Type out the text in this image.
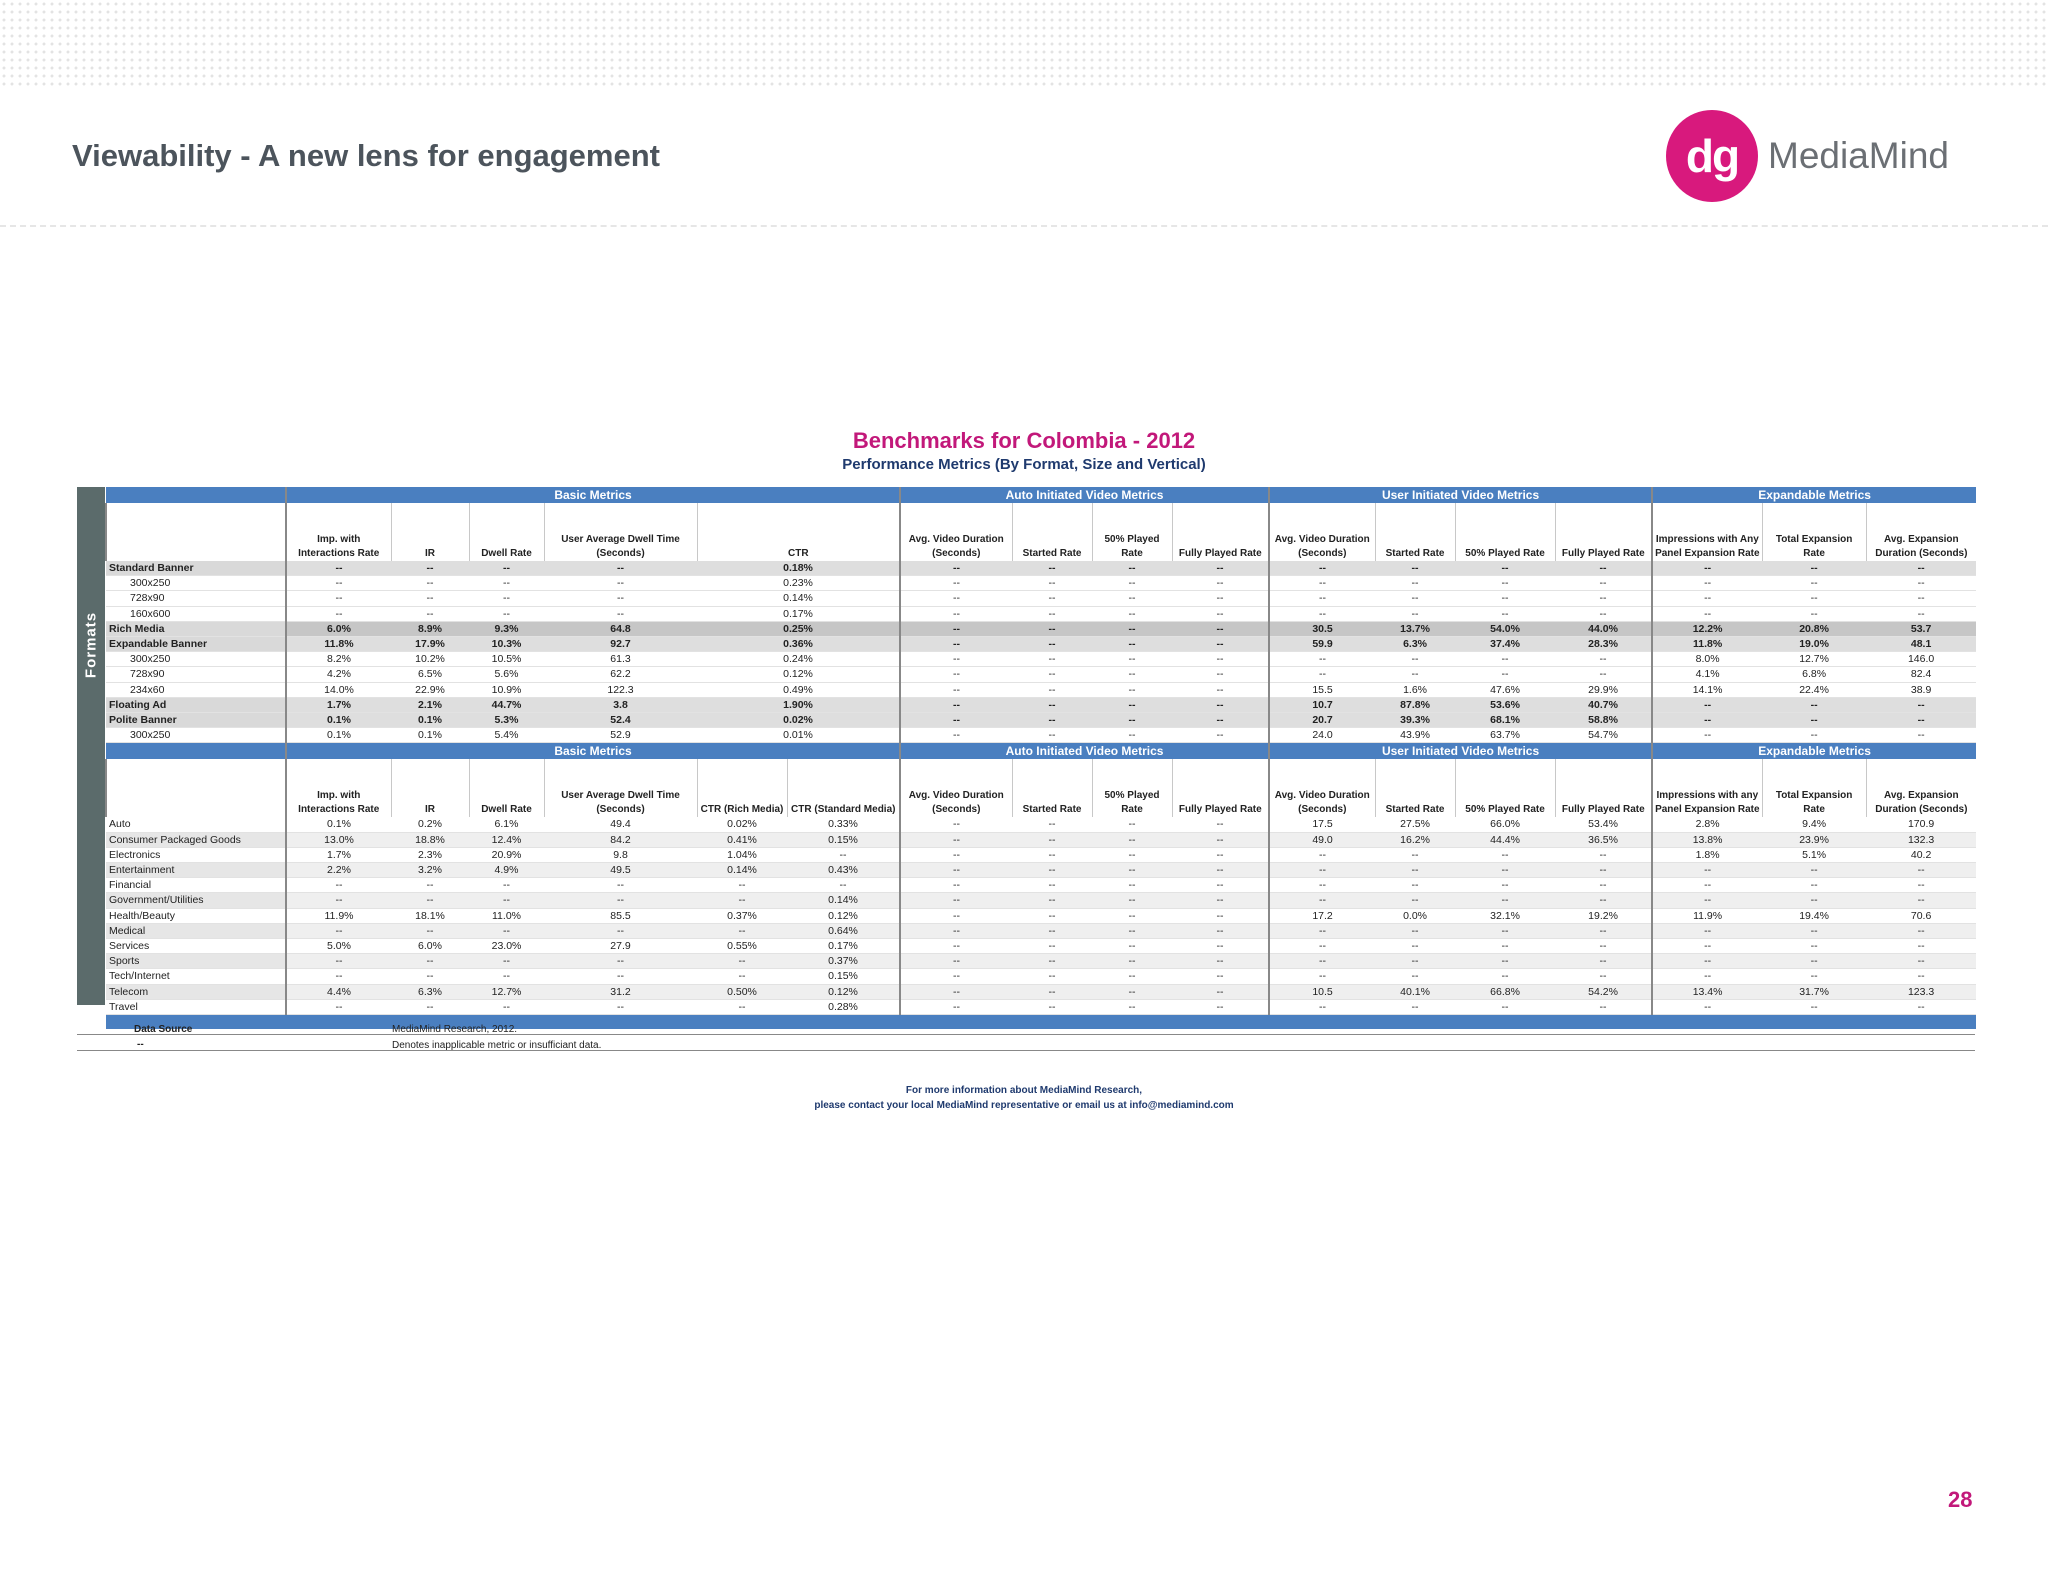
Viewability - A new lens for engagement	dg MediaMind
Benchmarks for Colombia - 2012
Performance Metrics (By Format, Size and Vertical)
Formats
	Basic Metrics						Auto Initiated Video Metrics				User Initiated Video Metrics				Expandable Metrics		
	Imp. with Interactions Rate	IR	Dwell Rate	User Average Dwell Time (Seconds)	CTR		Avg. Video Duration (Seconds)	Started Rate	50% Played Rate	Fully Played Rate	Avg. Video Duration (Seconds)	Started Rate	50% Played Rate	Fully Played Rate	Impressions with Any Panel Expansion Rate	Total Expansion Rate	Avg. Expansion Duration (Seconds)
Standard Banner	--	--	--	--	0.18%		--	--	--	--	--	--	--	--	--	--	--
300x250	--	--	--	--	0.23%		--	--	--	--	--	--	--	--	--	--	--
728x90	--	--	--	--	0.14%		--	--	--	--	--	--	--	--	--	--	--
160x600	--	--	--	--	0.17%		--	--	--	--	--	--	--	--	--	--	--
Rich Media	6.0%	8.9%	9.3%	64.8	0.25%		--	--	--	--	30.5	13.7%	54.0%	44.0%	12.2%	20.8%	53.7
Expandable Banner	11.8%	17.9%	10.3%	92.7	0.36%		--	--	--	--	59.9	6.3%	37.4%	28.3%	11.8%	19.0%	48.1
300x250	8.2%	10.2%	10.5%	61.3	0.24%		--	--	--	--	--	--	--	--	8.0%	12.7%	146.0
728x90	4.2%	6.5%	5.6%	62.2	0.12%		--	--	--	--	--	--	--	--	4.1%	6.8%	82.4
234x60	14.0%	22.9%	10.9%	122.3	0.49%		--	--	--	--	15.5	1.6%	47.6%	29.9%	14.1%	22.4%	38.9
Floating Ad	1.7%	2.1%	44.7%	3.8	1.90%		--	--	--	--	10.7	87.8%	53.6%	40.7%	--	--	--
Polite Banner	0.1%	0.1%	5.3%	52.4	0.02%		--	--	--	--	20.7	39.3%	68.1%	58.8%	--	--	--
300x250	0.1%	0.1%	5.4%	52.9	0.01%		--	--	--	--	24.0	43.9%	63.7%	54.7%	--	--	--
	Basic Metrics						Auto Initiated Video Metrics				User Initiated Video Metrics				Expandable Metrics		
	Imp. with Interactions Rate	IR	Dwell Rate	User Average Dwell Time (Seconds)	CTR (Rich Media)	CTR (Standard Media)	Avg. Video Duration (Seconds)	Started Rate	50% Played Rate	Fully Played Rate	Avg. Video Duration (Seconds)	Started Rate	50% Played Rate	Fully Played Rate	Impressions with any Panel Expansion Rate	Total Expansion Rate	Avg. Expansion Duration (Seconds)
Auto	0.1%	0.2%	6.1%	49.4	0.02%	0.33%	--	--	--	--	17.5	27.5%	66.0%	53.4%	2.8%	9.4%	170.9
Consumer Packaged Goods	13.0%	18.8%	12.4%	84.2	0.41%	0.15%	--	--	--	--	49.0	16.2%	44.4%	36.5%	13.8%	23.9%	132.3
Electronics	1.7%	2.3%	20.9%	9.8	1.04%	--	--	--	--	--	--	--	--	--	1.8%	5.1%	40.2
Entertainment	2.2%	3.2%	4.9%	49.5	0.14%	0.43%	--	--	--	--	--	--	--	--	--	--	--
Financial	--	--	--	--	--	--	--	--	--	--	--	--	--	--	--	--	--
Government/Utilities	--	--	--	--	--	0.14%	--	--	--	--	--	--	--	--	--	--	--
Health/Beauty	11.9%	18.1%	11.0%	85.5	0.37%	0.12%	--	--	--	--	17.2	0.0%	32.1%	19.2%	11.9%	19.4%	70.6
Medical	--	--	--	--	--	0.64%	--	--	--	--	--	--	--	--	--	--	--
Services	5.0%	6.0%	23.0%	27.9	0.55%	0.17%	--	--	--	--	--	--	--	--	--	--	--
Sports	--	--	--	--	--	0.37%	--	--	--	--	--	--	--	--	--	--	--
Tech/Internet	--	--	--	--	--	0.15%	--	--	--	--	--	--	--	--	--	--	--
Telecom	4.4%	6.3%	12.7%	31.2	0.50%	0.12%	--	--	--	--	10.5	40.1%	66.8%	54.2%	13.4%	31.7%	123.3
Travel	--	--	--	--	--	0.28%	--	--	--	--	--	--	--	--	--	--	--

Data Source	MediaMind Research, 2012.
--	Denotes inapplicable metric or insufficiant data.
For more information about MediaMind Research,
please contact your local MediaMind representative or email us at info@mediamind.com
28
